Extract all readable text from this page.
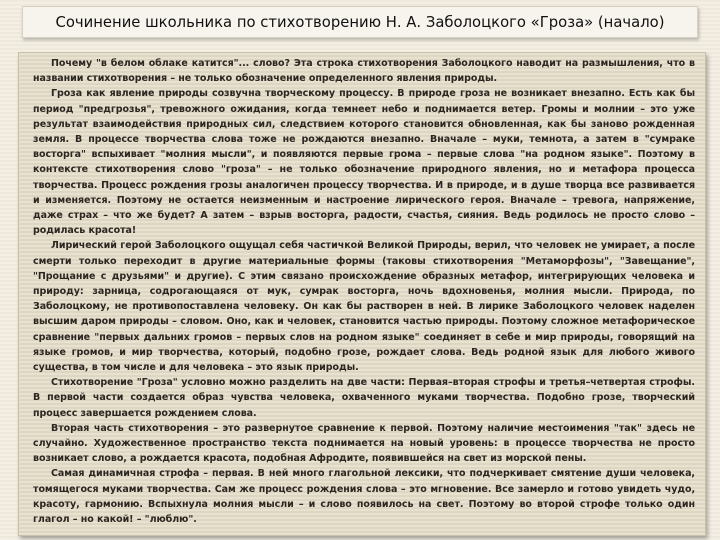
Сочинение школьника по стихотворению Н. А. Заболоцкого «Гроза» (начало)

Почему "в белом облаке катится"... слово? Эта строка стихотворения Заболоцкого наводит на размышления, что в названии стихотворения – не только обозначение определенного явления природы.

Гроза как явление природы созвучна творческому процессу. В природе гроза не возникает внезапно. Есть как бы период "предгрозья", тревожного ожидания, когда темнеет небо и поднимается ветер. Громы и молнии – это уже результат взаимодействия природных сил, следствием которого становится обновленная, как бы заново рожденная земля. В процессе творчества слова тоже не рождаются внезапно. Вначале – муки, темнота, а затем в "сумраке восторга" вспыхивает "молния мысли", и появляются первые грома – первые слова "на родном языке". Поэтому в контексте стихотворения слово "гроза" – не только обозначение природного явления, но и метафора процесса творчества. Процесс рождения грозы аналогичен процессу творчества. И в природе, и в душе творца все развивается и изменяется. Поэтому не остается неизменным и настроение лирического героя. Вначале – тревога, напряжение, даже страх – что же будет? А затем – взрыв восторга, радости, счастья, сияния. Ведь родилось не просто слово – родилась красота!

Лирический герой Заболоцкого ощущал себя частичкой Великой Природы, верил, что человек не умирает, а после смерти только переходит в другие материальные формы (таковы стихотворения "Метаморфозы", "Завещание", "Прощание с друзьями" и другие). С этим связано происхождение образных метафор, интегрирующих человека и природу: зарница, содрогающаяся от мук, сумрак восторга, ночь вдохновенья, молния мысли. Природа, по Заболоцкому, не противопоставлена человеку. Он как бы растворен в ней. В лирике Заболоцкого человек наделен высшим даром природы – словом. Оно, как и человек, становится частью природы. Поэтому сложное метафорическое сравнение "первых дальних громов – первых слов на родном языке" соединяет в себе и мир природы, говорящий на языке громов, и мир творчества, который, подобно грозе, рождает слова. Ведь родной язык для любого живого существа, в том числе и для человека – это язык природы.

Стихотворение "Гроза" условно можно разделить на две части: Первая–вторая строфы и третья–четвертая строфы. В первой части создается образ чувства человека, охваченного муками творчества. Подобно грозе, творческий процесс завершается рождением слова.

Вторая часть стихотворения – это развернутое сравнение к первой. Поэтому наличие местоимения "так" здесь не случайно. Художественное пространство текста поднимается на новый уровень: в процессе творчества не просто возникает слово, а рождается красота, подобная Афродите, появившейся на свет из морской пены.

Самая динамичная строфа – первая. В ней много глагольной лексики, что подчеркивает смятение души человека, томящегося муками творчества. Сам же процесс рождения слова – это мгновение. Все замерло и готово увидеть чудо, красоту, гармонию. Вспыхнула молния мысли – и слово появилось на свет. Поэтому во второй строфе только один глагол – но какой! – "люблю".
